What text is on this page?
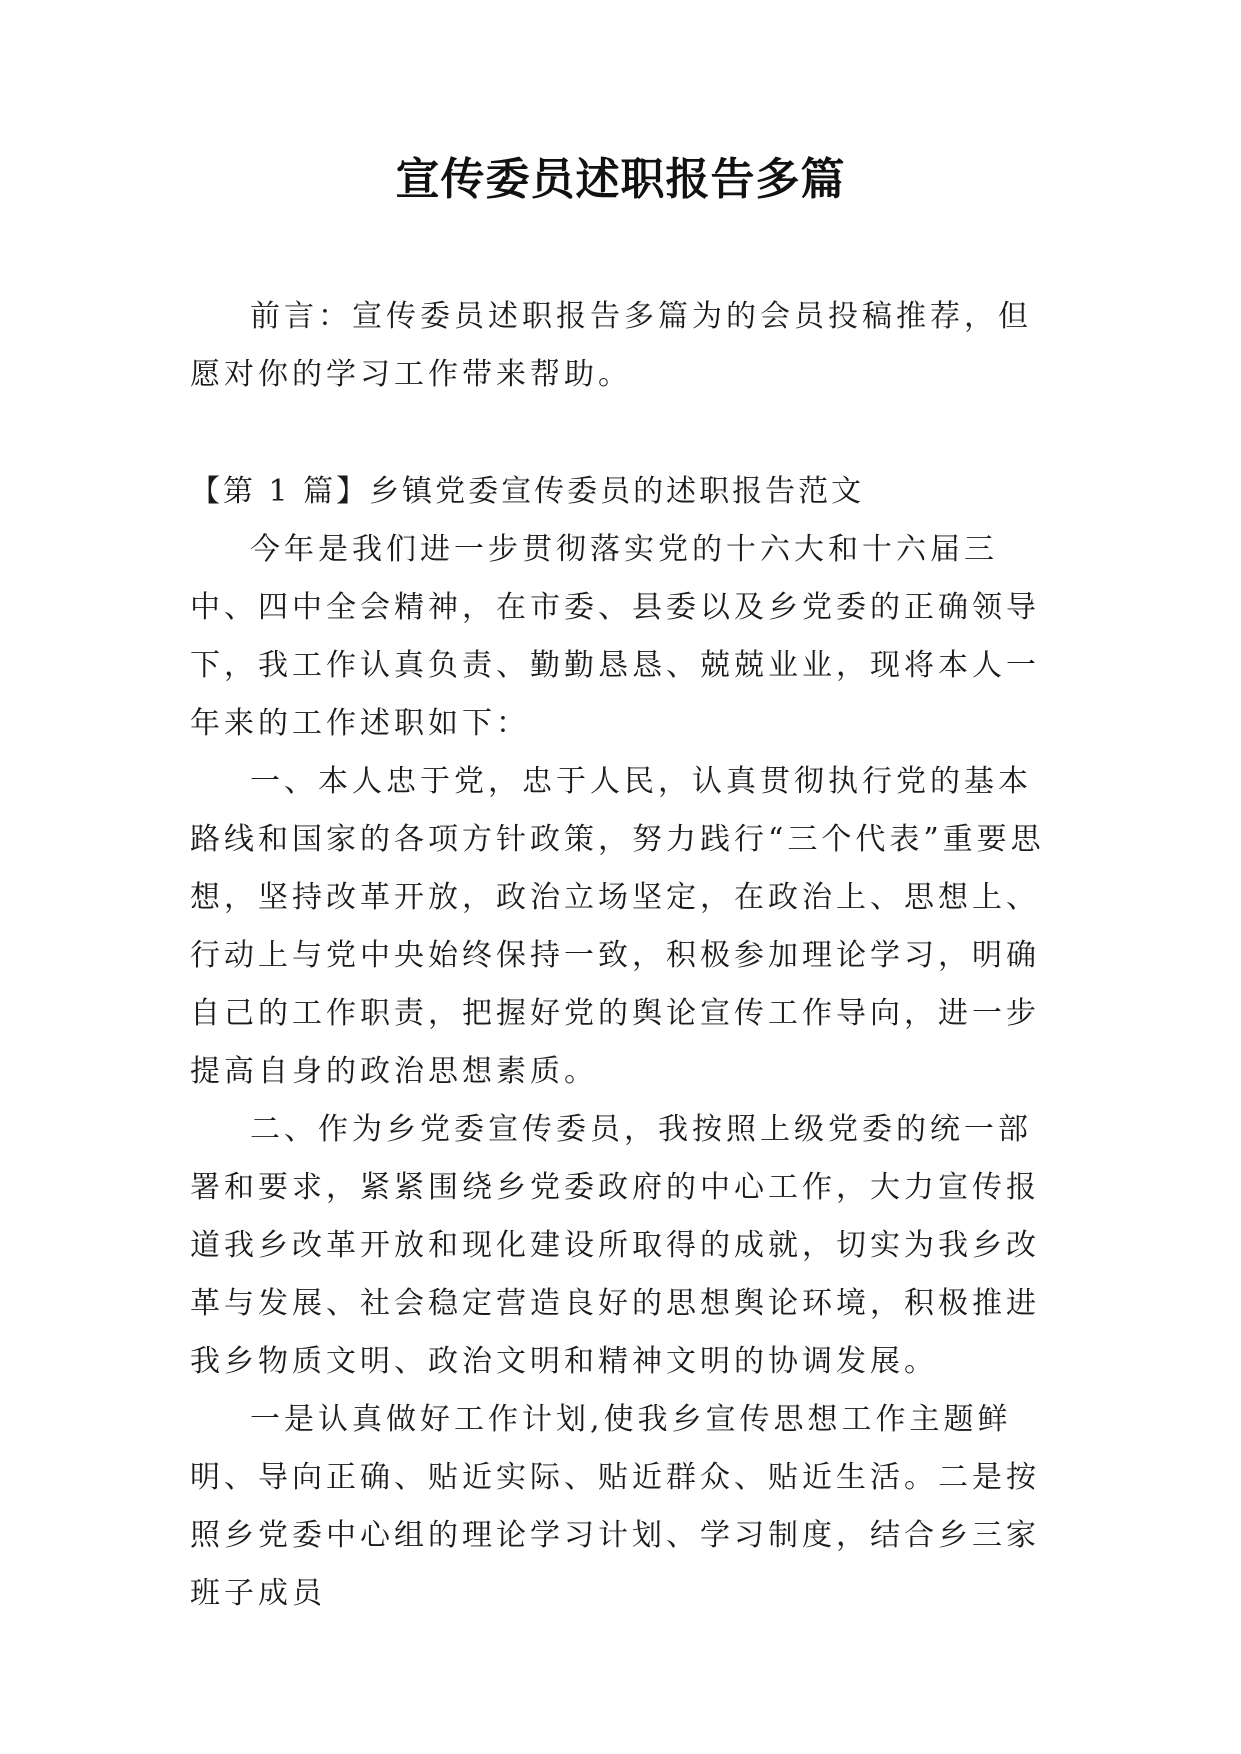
宣传委员述职报告多篇

前言：宣传委员述职报告多篇为的会员投稿推荐，但愿对你的学习工作带来帮助。

【第 1 篇】乡镇党委宣传委员的述职报告范文

今年是我们进一步贯彻落实党的十六大和十六届三中、四中全会精神，在市委、县委以及乡党委的正确领导下，我工作认真负责、勤勤恳恳、兢兢业业，现将本人一年来的工作述职如下：

一、本人忠于党，忠于人民，认真贯彻执行党的基本路线和国家的各项方针政策，努力践行“三个代表”重要思想，坚持改革开放，政治立场坚定，在政治上、思想上、行动上与党中央始终保持一致，积极参加理论学习，明确自己的工作职责，把握好党的舆论宣传工作导向，进一步提高自身的政治思想素质。

二、作为乡党委宣传委员，我按照上级党委的统一部署和要求，紧紧围绕乡党委政府的中心工作，大力宣传报道我乡改革开放和现化建设所取得的成就，切实为我乡改革与发展、社会稳定营造良好的思想舆论环境，积极推进我乡物质文明、政治文明和精神文明的协调发展。

一是认真做好工作计划,使我乡宣传思想工作主题鲜明、导向正确、贴近实际、贴近群众、贴近生活。二是按照乡党委中心组的理论学习计划、学习制度，结合乡三家班子成员
